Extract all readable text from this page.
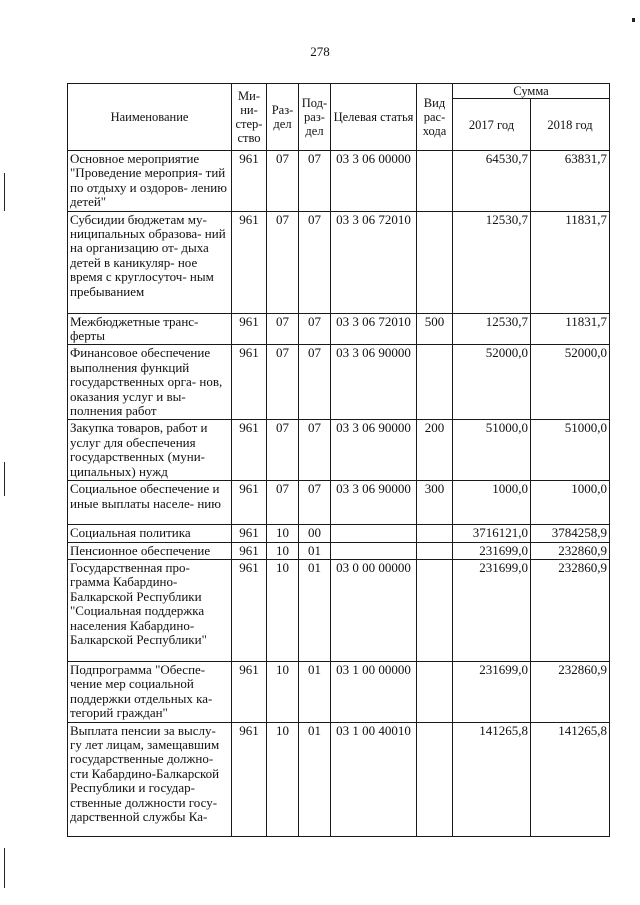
278
Наименование	Ми- ни- стер- ство	Раз- дел	Под- раз- дел	Целевая статья	Вид рас- хода	Сумма	
						2017 год	2018 год
Основное мероприятие "Проведение мероприя- тий по отдыху и оздоров- лению детей"	961	07	07	03 3 06 00000		64530,7	63831,7
Субсидии бюджетам му- ниципальных образова- ний на организацию от- дыха детей в каникуляр- ное время с круглосуточ- ным пребыванием	961	07	07	03 3 06 72010		12530,7	11831,7
Межбюджетные транс- ферты	961	07	07	03 3 06 72010	500	12530,7	11831,7
Финансовое обеспечение выполнения функций государственных орга- нов, оказания услуг и вы- полнения работ	961	07	07	03 3 06 90000		52000,0	52000,0
Закупка товаров, работ и услуг для обеспечения государственных (муни- ципальных) нужд	961	07	07	03 3 06 90000	200	51000,0	51000,0
Социальное обеспечение и иные выплаты населе- нию	961	07	07	03 3 06 90000	300	1000,0	1000,0
Социальная политика	961	10	00			3716121,0	3784258,9
Пенсионное обеспечение	961	10	01			231699,0	232860,9
Государственная про- грамма Кабардино- Балкарской Республики "Социальная поддержка населения Кабардино- Балкарской Республики"	961	10	01	03 0 00 00000		231699,0	232860,9
Подпрограмма "Обеспе- чение мер социальной поддержки отдельных ка- тегорий граждан"	961	10	01	03 1 00 00000		231699,0	232860,9
Выплата пенсии за выслу- гу лет лицам, замещавшим государственные должно- сти Кабардино-Балкарской Республики и государ- ственные должности госу- дарственной службы Ка-	961	10	01	03 1 00 40010		141265,8	141265,8
